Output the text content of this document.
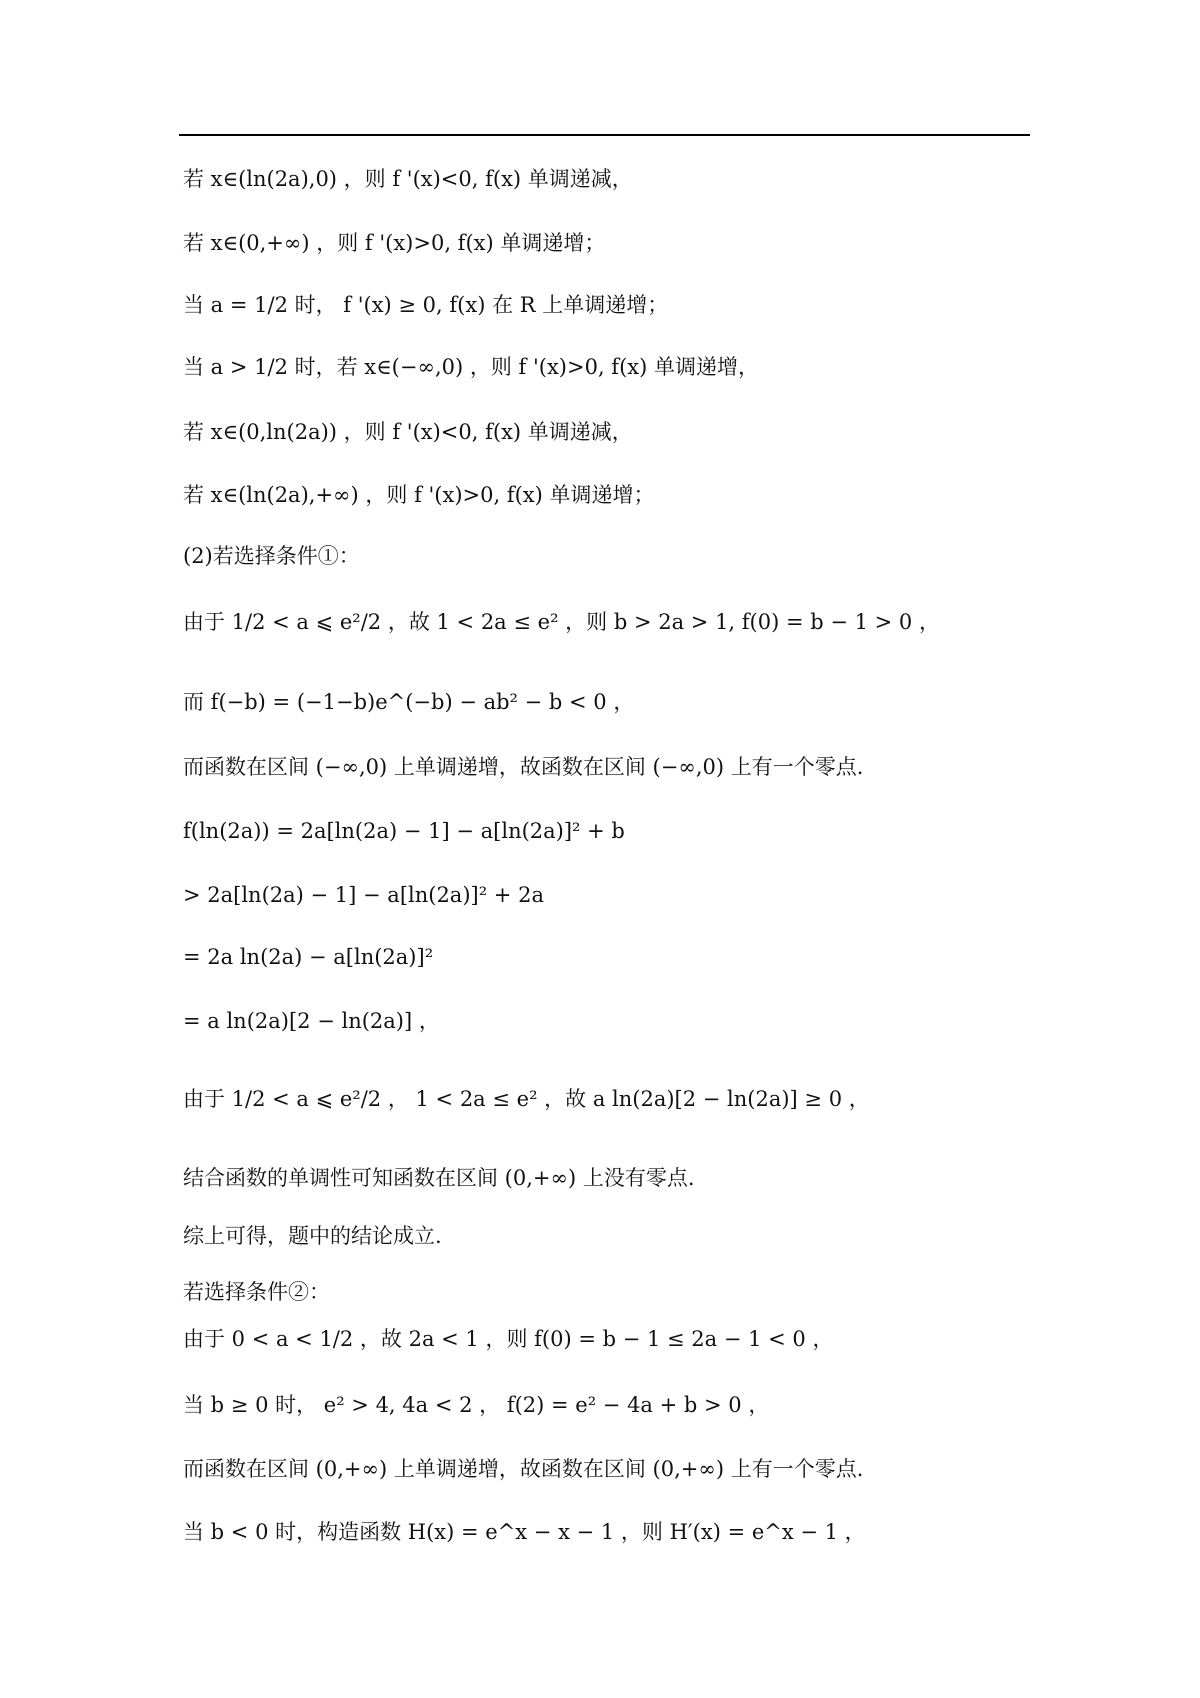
若 x∈(ln(2a),0) ，则 f '(x)<0, f(x) 单调递减，
若 x∈(0,+∞) ，则 f '(x)>0, f(x) 单调递增；
当 a = 1/2 时， f '(x) ≥ 0, f(x) 在 R 上单调递增；
当 a > 1/2 时，若 x∈(−∞,0) ，则 f '(x)>0, f(x) 单调递增，
若 x∈(0,ln(2a)) ，则 f '(x)<0, f(x) 单调递减，
若 x∈(ln(2a),+∞) ，则 f '(x)>0, f(x) 单调递增；
(2)若选择条件①：
由于 1/2 < a ⩽ e²/2 ，故 1 < 2a ≤ e² ，则 b > 2a > 1, f(0) = b − 1 > 0 ，
而 f(−b) = (−1−b)e^(−b) − ab² − b < 0 ，
而函数在区间 (−∞,0) 上单调递增，故函数在区间 (−∞,0) 上有一个零点.
f(ln(2a)) = 2a[ln(2a) − 1] − a[ln(2a)]² + b
> 2a[ln(2a) − 1] − a[ln(2a)]² + 2a
= 2a ln(2a) − a[ln(2a)]²
= a ln(2a)[2 − ln(2a)] ，
由于 1/2 < a ⩽ e²/2 ， 1 < 2a ≤ e² ，故 a ln(2a)[2 − ln(2a)] ≥ 0 ，
结合函数的单调性可知函数在区间 (0,+∞) 上没有零点.
综上可得，题中的结论成立.
若选择条件②：
由于 0 < a < 1/2 ，故 2a < 1 ，则 f(0) = b − 1 ≤ 2a − 1 < 0 ，
当 b ≥ 0 时， e² > 4, 4a < 2 ， f(2) = e² − 4a + b > 0 ，
而函数在区间 (0,+∞) 上单调递增，故函数在区间 (0,+∞) 上有一个零点.
当 b < 0 时，构造函数 H(x) = e^x − x − 1 ，则 H′(x) = e^x − 1 ，
